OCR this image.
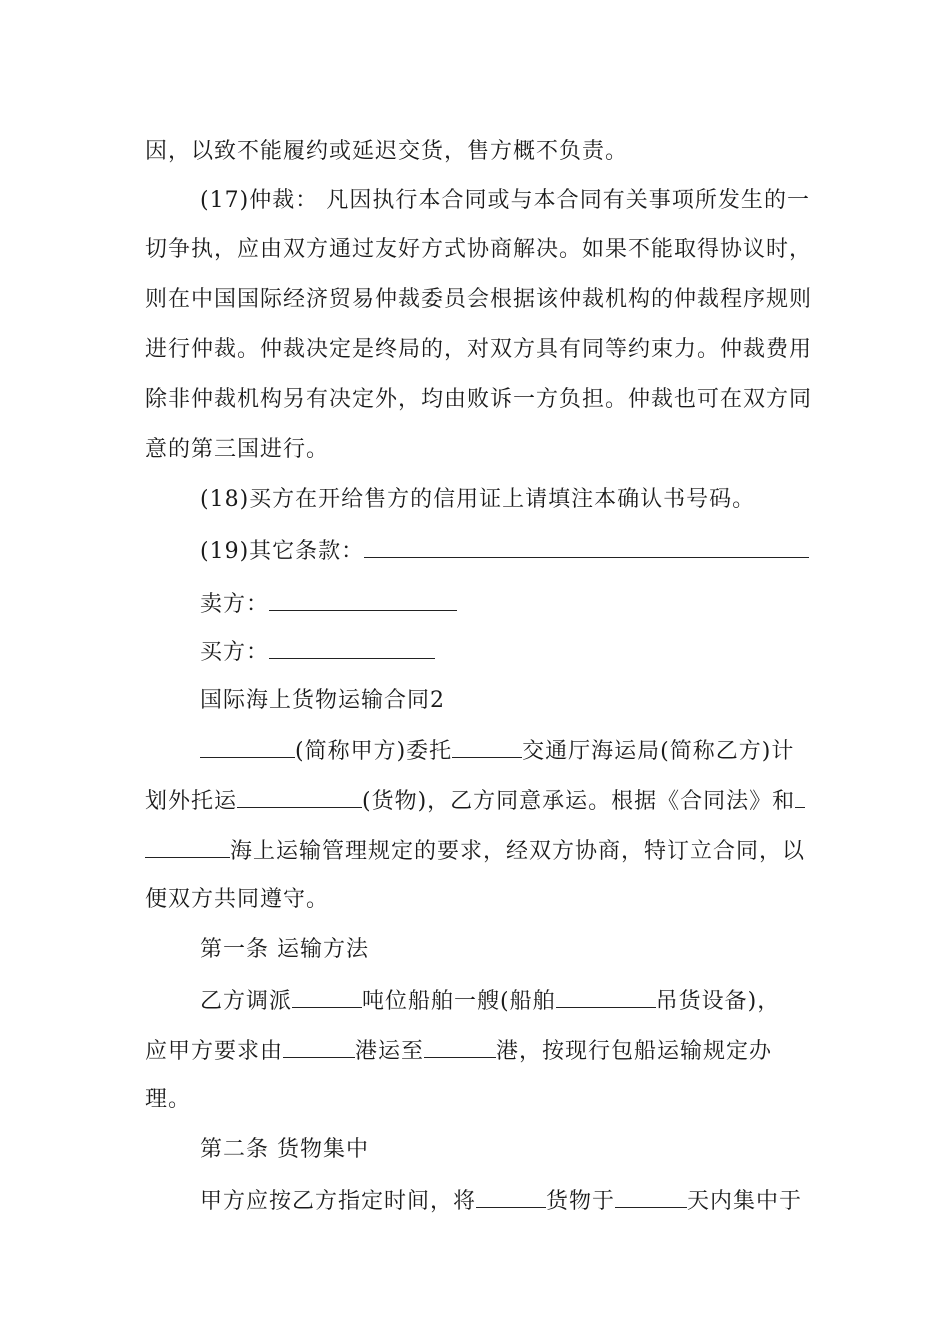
因，以致不能履约或延迟交货，售方概不负责。
(17)仲裁： 凡因执行本合同或与本合同有关事项所发生的一
切争执，应由双方通过友好方式协商解决。如果不能取得协议时，
则在中国国际经济贸易仲裁委员会根据该仲裁机构的仲裁程序规则
进行仲裁。仲裁决定是终局的，对双方具有同等约束力。仲裁费用
除非仲裁机构另有决定外，均由败诉一方负担。仲裁也可在双方同
意的第三国进行。
(18)买方在开给售方的信用证上请填注本确认书号码。
(19)其它条款：
卖方：
买方：
国际海上货物运输合同2
(简称甲方)委托	交通厅海运局(简称乙方)计
划外托运	(货物)，乙方同意承运。根据《合同法》和
海上运输管理规定的要求，经双方协商，特订立合同，以
便双方共同遵守。
第一条 运输方法
乙方调派	吨位船舶一艘(船舶	吊货设备)，
应甲方要求由	港运至	港，按现行包船运输规定办
理。
第二条 货物集中
甲方应按乙方指定时间，将	货物于	天内集中于
